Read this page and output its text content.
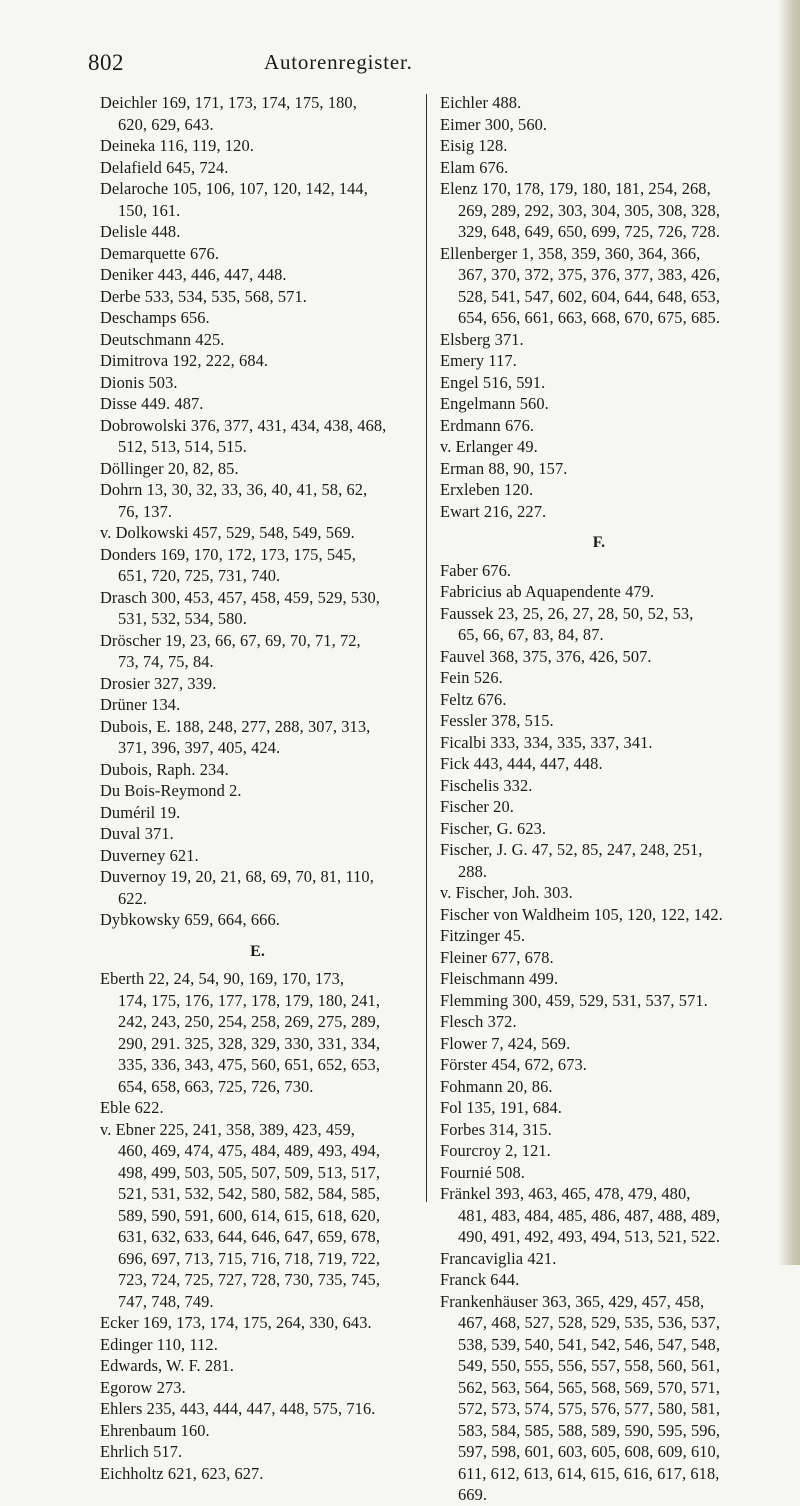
802	Autorenregister.
Deichler 169, 171, 173, 174, 175, 180,
620, 629, 643.
Deineka 116, 119, 120.
Delafield 645, 724.
Delaroche 105, 106, 107, 120, 142, 144,
150, 161.
Delisle 448.
Demarquette 676.
Deniker 443, 446, 447, 448.
Derbe 533, 534, 535, 568, 571.
Deschamps 656.
Deutschmann 425.
Dimitrova 192, 222, 684.
Dionis 503.
Disse 449. 487.
Dobrowolski 376, 377, 431, 434, 438, 468,
512, 513, 514, 515.
Döllinger 20, 82, 85.
Dohrn 13, 30, 32, 33, 36, 40, 41, 58, 62,
76, 137.
v. Dolkowski 457, 529, 548, 549, 569.
Donders 169, 170, 172, 173, 175, 545,
651, 720, 725, 731, 740.
Drasch 300, 453, 457, 458, 459, 529, 530,
531, 532, 534, 580.
Dröscher 19, 23, 66, 67, 69, 70, 71, 72,
73, 74, 75, 84.
Drosier 327, 339.
Drüner 134.
Dubois, E. 188, 248, 277, 288, 307, 313,
371, 396, 397, 405, 424.
Dubois, Raph. 234.
Du Bois-Reymond 2.
Duméril 19.
Duval 371.
Duverney 621.
Duvernoy 19, 20, 21, 68, 69, 70, 81, 110,
622.
Dybkowsky 659, 664, 666.
E.
Eberth 22, 24, 54, 90, 169, 170, 173,
174, 175, 176, 177, 178, 179, 180, 241,
242, 243, 250, 254, 258, 269, 275, 289,
290, 291. 325, 328, 329, 330, 331, 334,
335, 336, 343, 475, 560, 651, 652, 653,
654, 658, 663, 725, 726, 730.
Eble 622.
v. Ebner 225, 241, 358, 389, 423, 459,
460, 469, 474, 475, 484, 489, 493, 494,
498, 499, 503, 505, 507, 509, 513, 517,
521, 531, 532, 542, 580, 582, 584, 585,
589, 590, 591, 600, 614, 615, 618, 620,
631, 632, 633, 644, 646, 647, 659, 678,
696, 697, 713, 715, 716, 718, 719, 722,
723, 724, 725, 727, 728, 730, 735, 745,
747, 748, 749.
Ecker 169, 173, 174, 175, 264, 330, 643.
Edinger 110, 112.
Edwards, W. F. 281.
Egorow 273.
Ehlers 235, 443, 444, 447, 448, 575, 716.
Ehrenbaum 160.
Ehrlich 517.
Eichholtz 621, 623, 627.
Eichler 488.
Eimer 300, 560.
Eisig 128.
Elam 676.
Elenz 170, 178, 179, 180, 181, 254, 268,
269, 289, 292, 303, 304, 305, 308, 328,
329, 648, 649, 650, 699, 725, 726, 728.
Ellenberger 1, 358, 359, 360, 364, 366,
367, 370, 372, 375, 376, 377, 383, 426,
528, 541, 547, 602, 604, 644, 648, 653,
654, 656, 661, 663, 668, 670, 675, 685.
Elsberg 371.
Emery 117.
Engel 516, 591.
Engelmann 560.
Erdmann 676.
v. Erlanger 49.
Erman 88, 90, 157.
Erxleben 120.
Ewart 216, 227.
F.
Faber 676.
Fabricius ab Aquapendente 479.
Faussek 23, 25, 26, 27, 28, 50, 52, 53,
65, 66, 67, 83, 84, 87.
Fauvel 368, 375, 376, 426, 507.
Fein 526.
Feltz 676.
Fessler 378, 515.
Ficalbi 333, 334, 335, 337, 341.
Fick 443, 444, 447, 448.
Fischelis 332.
Fischer 20.
Fischer, G. 623.
Fischer, J. G. 47, 52, 85, 247, 248, 251,
288.
v. Fischer, Joh. 303.
Fischer von Waldheim 105, 120, 122, 142.
Fitzinger 45.
Fleiner 677, 678.
Fleischmann 499.
Flemming 300, 459, 529, 531, 537, 571.
Flesch 372.
Flower 7, 424, 569.
Förster 454, 672, 673.
Fohmann 20, 86.
Fol 135, 191, 684.
Forbes 314, 315.
Fourcroy 2, 121.
Fournié 508.
Fränkel 393, 463, 465, 478, 479, 480,
481, 483, 484, 485, 486, 487, 488, 489,
490, 491, 492, 493, 494, 513, 521, 522.
Francaviglia 421.
Franck 644.
Frankenhäuser 363, 365, 429, 457, 458,
467, 468, 527, 528, 529, 535, 536, 537,
538, 539, 540, 541, 542, 546, 547, 548,
549, 550, 555, 556, 557, 558, 560, 561,
562, 563, 564, 565, 568, 569, 570, 571,
572, 573, 574, 575, 576, 577, 580, 581,
583, 584, 585, 588, 589, 590, 595, 596,
597, 598, 601, 603, 605, 608, 609, 610,
611, 612, 613, 614, 615, 616, 617, 618,
669.
